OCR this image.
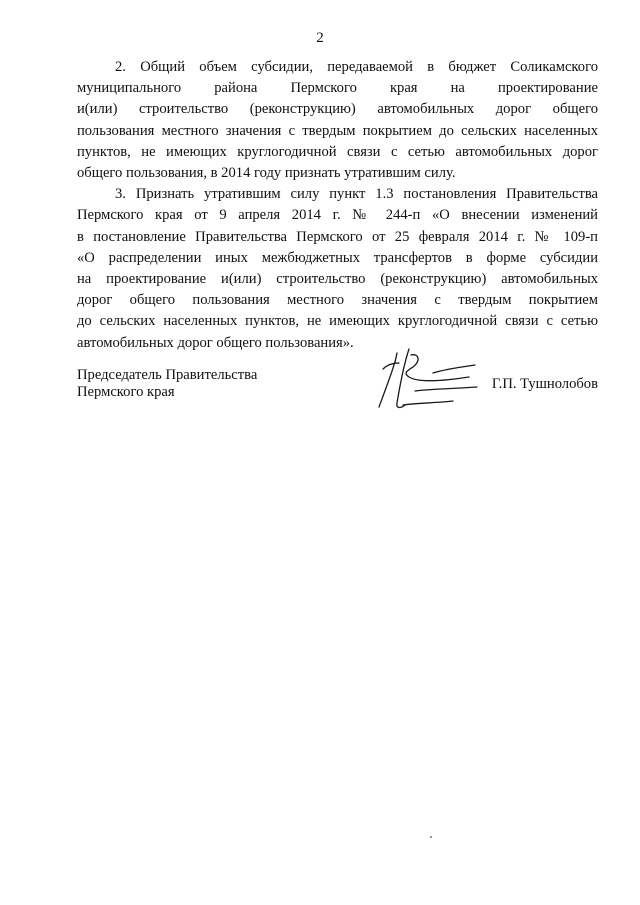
2
2. Общий объем субсидии, передаваемой в бюджет Соликамского
муниципального района Пермского края на проектирование
и(или) строительство (реконструкцию) автомобильных дорог общего
пользования местного значения с твердым покрытием до сельских населенных
пунктов, не имеющих круглогодичной связи с сетью автомобильных дорог
общего пользования, в 2014 году признать утратившим силу.
3. Признать утратившим силу пункт 1.3 постановления Правительства
Пермского края от 9 апреля 2014 г. № 244-п «О внесении изменений
в постановление Правительства Пермского от 25 февраля 2014 г. № 109-п
«О распределении иных межбюджетных трансфертов в форме субсидии
на проектирование и(или) строительство (реконструкцию) автомобильных
дорог общего пользования местного значения с твердым покрытием
до сельских населенных пунктов, не имеющих круглогодичной связи с сетью
автомобильных дорог общего пользования».
Председатель Правительства
Пермского края	Г.П. Тушнолобов
